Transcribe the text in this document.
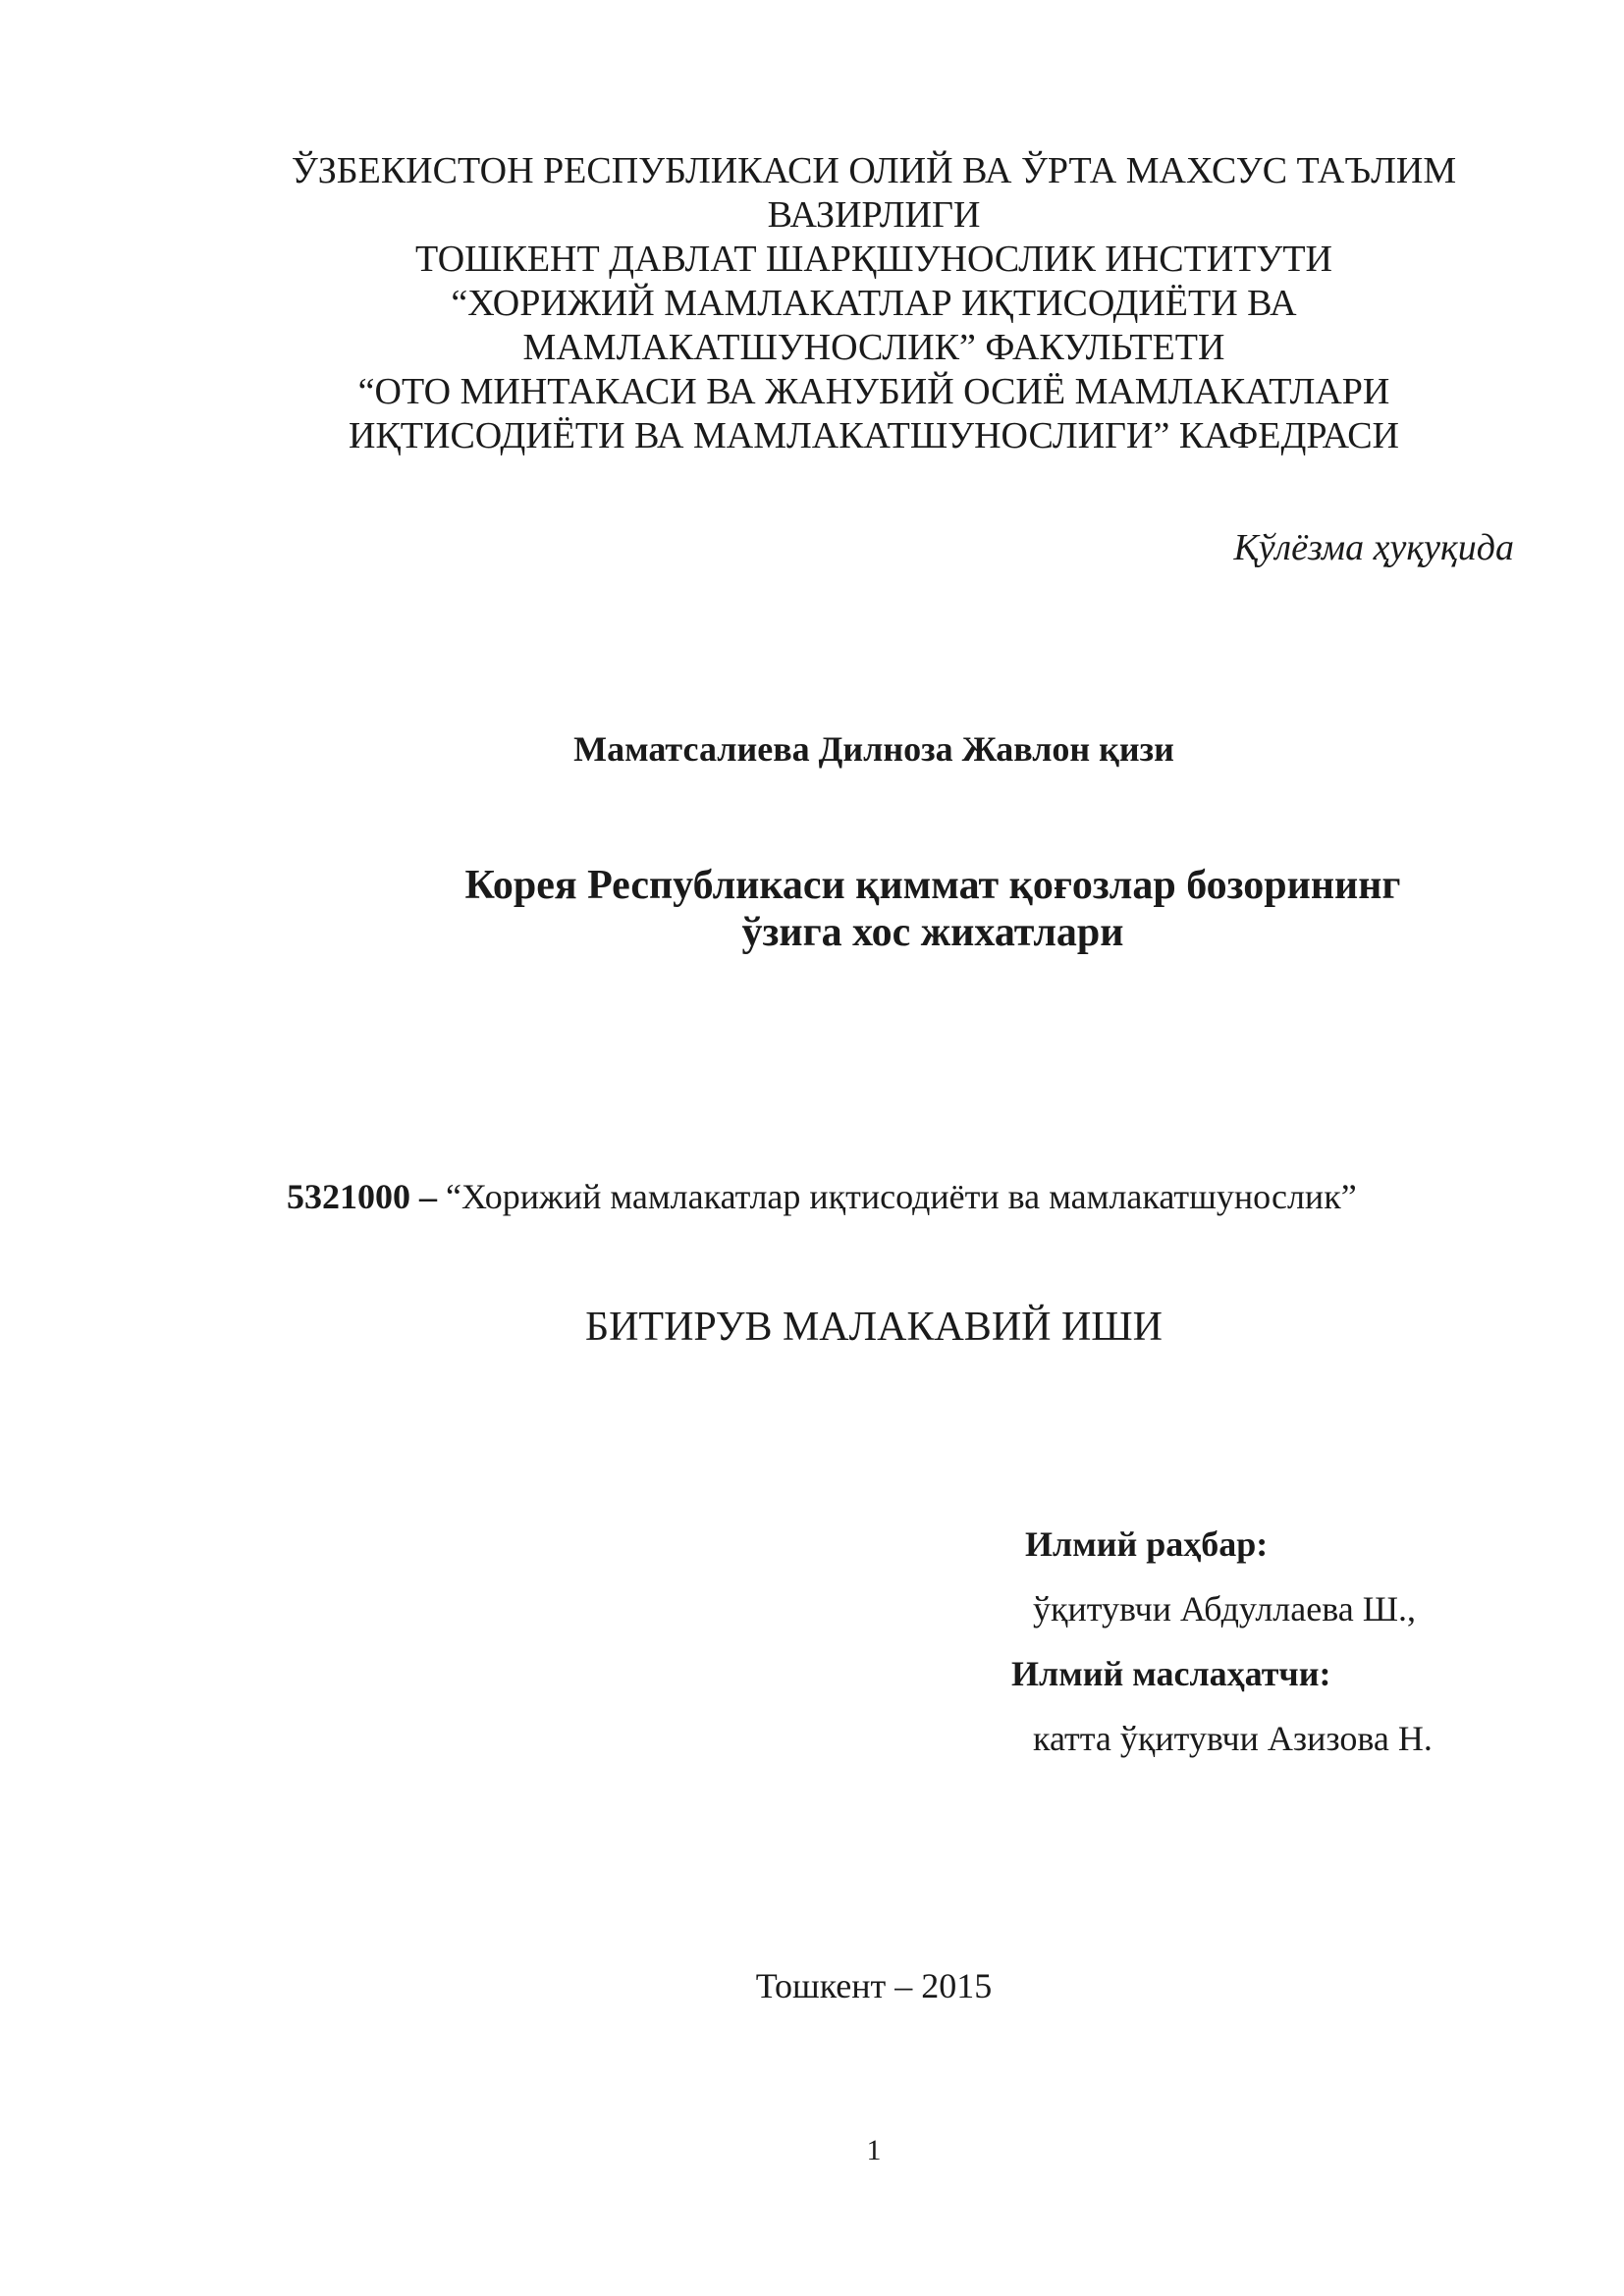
ЎЗБЕКИСТОН РЕСПУБЛИКАСИ ОЛИЙ ВА ЎРТА МАХСУС ТАЪЛИМ
ВАЗИРЛИГИ
ТОШКЕНТ ДАВЛАТ ШАРҚШУНОСЛИК ИНСТИТУТИ
“ХОРИЖИЙ МАМЛАКАТЛАР ИҚТИСОДИЁТИ ВА
МАМЛАКАТШУНОСЛИК” ФАКУЛЬТЕТИ
“ОТО МИНТАКАСИ ВА ЖАНУБИЙ ОСИЁ МАМЛАКАТЛАРИ
ИҚТИСОДИЁТИ ВА МАМЛАКАТШУНОСЛИГИ” КАФЕДРАСИ
Қўлёзма ҳуқуқида
Маматсалиева Дилноза Жавлон қизи
Корея Республикаси қиммат қоғозлар бозорининг
ўзига хос жихатлари
5321000 – “Хорижий мамлакатлар иқтисодиёти ва мамлакатшунослик”
БИТИРУВ МАЛАКАВИЙ ИШИ
Илмий раҳбар:
ўқитувчи Абдуллаева Ш.,
Илмий маслаҳатчи:
катта ўқитувчи Азизова Н.
Тошкент – 2015
1
